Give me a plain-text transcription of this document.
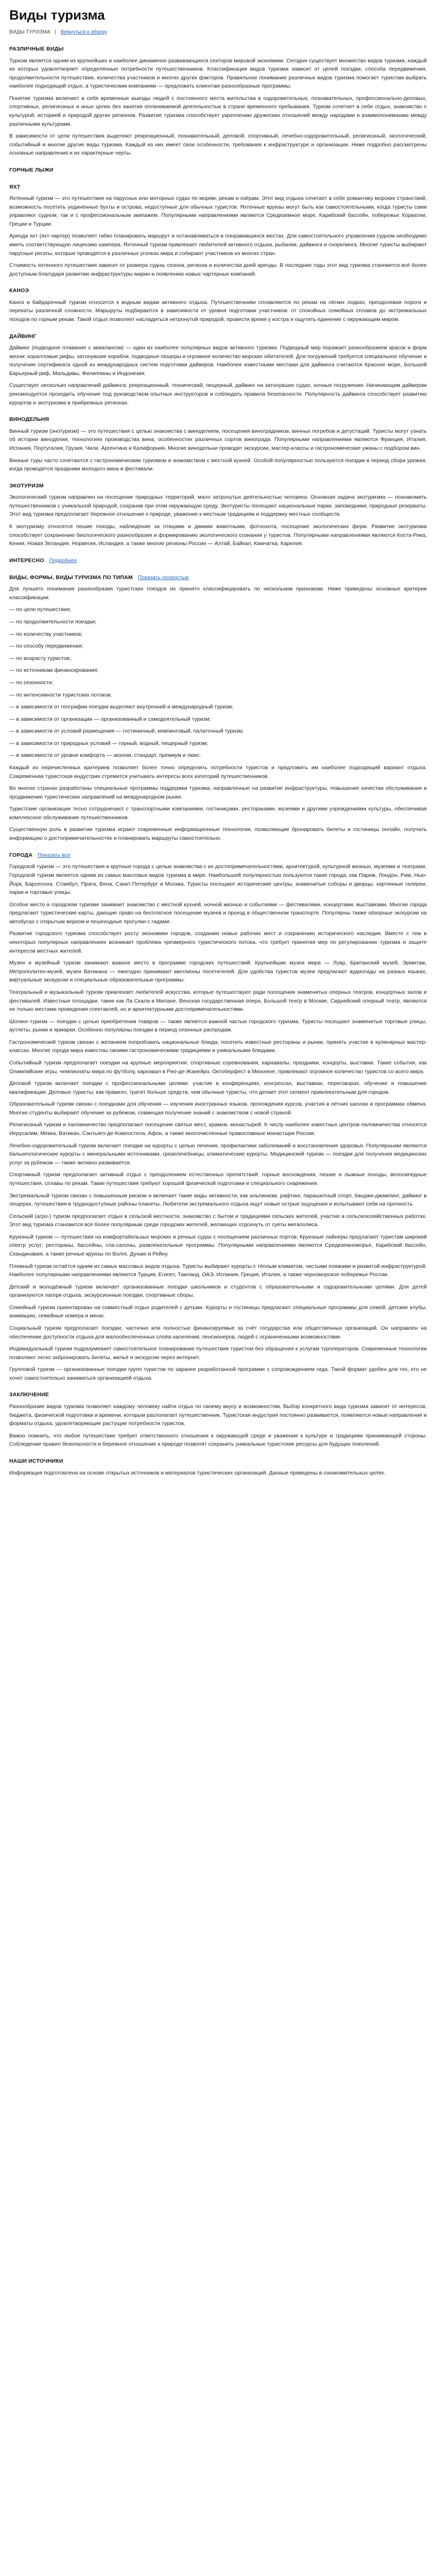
Виды туризма
ВИДЫ ТУРИЗМА | Вернуться к обзору
РАЗЛИЧНЫЕ ВИДЫ

Туризм является одним из крупнейших и наиболее динамично развивающихся секторов мировой экономики. Сегодня существует множество видов туризма, каждый из которых удовлетворяет определённые потребности путешественников. Классификация видов туризма зависит от целей поездки, способа передвижения, продолжительности путешествия, количества участников и многих других факторов. Правильное понимание различных видов туризма помогает туристам выбрать наиболее подходящий отдых, а туристическим компаниям — предложить клиентам разнообразные программы.

Понятие туризма включает в себя временные выезды людей с постоянного места жительства в оздоровительных, познавательных, профессионально-деловых, спортивных, религиозных и иных целях без занятия оплачиваемой деятельностью в стране временного пребывания. Туризм сочетает в себе отдых, знакомство с культурой, историей и природой других регионов. Развитие туризма способствует укреплению дружеских отношений между народами и взаимопониманию между различными культурами.

В зависимости от цели путешествия выделяют рекреационный, познавательный, деловой, спортивный, лечебно-оздоровительный, религиозный, экологический, событийный и многие другие виды туризма. Каждый из них имеет свои особенности, требования к инфраструктуре и организации. Ниже подробно рассмотрены основные направления и их характерные черты.

ГОРНЫЕ ЛЫЖИ
ЯХТ

Яхтенный туризм — это путешествия на парусных или моторных судах по морям, рекам и озёрам. Этот вид отдыха сочетает в себе романтику морских странствий, возможность посетить уединённые бухты и острова, недоступные для обычных туристов. Яхтенные круизы могут быть как самостоятельными, когда туристы сами управляют судном, так и с профессиональным экипажем. Популярными направлениями являются Средиземное море, Карибский бассейн, побережье Хорватии, Греции и Турции.

Аренда яхт (яхт-чартер) позволяет гибко планировать маршрут и останавливаться в понравившихся местах. Для самостоятельного управления судном необходимо иметь соответствующую лицензию шкипера. Яхтенный туризм привлекает любителей активного отдыха, рыбалки, дайвинга и снорклинга. Многие туристы выбирают парусные регаты, которые проводятся в различных уголках мира и собирают участников из многих стран.

Стоимость яхтенного путешествия зависит от размера судна, сезона, региона и количества дней аренды. В последние годы этот вид туризма становится всё более доступным благодаря развитию инфраструктуры марин и появлению новых чартерных компаний.

КАНОЭ

Каноэ и байдарочный туризм относится к водным видам активного отдыха. Путешественники сплавляются по рекам на лёгких лодках, преодолевая пороги и перекаты различной сложности. Маршруты подбираются в зависимости от уровня подготовки участников: от спокойных семейных сплавов до экстремальных походов по горным рекам. Такой отдых позволяет насладиться нетронутой природой, провести время у костра и ощутить единение с окружающим миром.

ДАЙВИНГ

Дайвинг (подводное плавание с аквалангом) — один из наиболее популярных видов активного туризма. Подводный мир поражает разнообразием красок и форм жизни: коралловые рифы, затонувшие корабли, подводные пещеры и огромное количество морских обитателей. Для погружений требуется специальное обучение и получение сертификата одной из международных систем подготовки дайверов. Наиболее известными местами для дайвинга считаются Красное море, Большой Барьерный риф, Мальдивы, Филиппины и Индонезия.

Существует несколько направлений дайвинга: рекреационный, технический, пещерный, дайвинг на затонувших судах, ночные погружения. Начинающим дайверам рекомендуется проходить обучение под руководством опытных инструкторов и соблюдать правила безопасности. Популярность дайвинга способствует развитию курортов и экотуризма в прибрежных регионах.

ВИНОДЕЛЬНЯ

Винный туризм (энотуризм) — это путешествия с целью знакомства с виноделием, посещения виноградников, винных погребов и дегустаций. Туристы могут узнать об истории виноделия, технологиях производства вина, особенностях различных сортов винограда. Популярными направлениями являются Франция, Италия, Испания, Португалия, Грузия, Чили, Аргентина и Калифорния. Многие винодельни проводят экскурсии, мастер-классы и гастрономические ужины с подбором вин.

Винные туры часто сочетаются с гастрономическим туризмом и знакомством с местной кухней. Особой популярностью пользуются поездки в период сбора урожая, когда проводятся праздники молодого вина и фестивали.

ЭКОТУРИЗМ

Экологический туризм направлен на посещение природных территорий, мало затронутых деятельностью человека. Основная задача экотуризма — познакомить путешественников с уникальной природой, сохранив при этом окружающую среду. Экотуристы посещают национальные парки, заповедники, природные резерваты. Этот вид туризма предполагает бережное отношение к природе, уважение к местным традициям и поддержку местных сообществ.

К экотуризму относятся пешие походы, наблюдение за птицами и дикими животными, фотоохота, посещение экологических ферм. Развитие экотуризма способствует сохранению биологического разнообразия и формированию экологического сознания у туристов. Популярными направлениями являются Коста-Рика, Кения, Новая Зеландия, Норвегия, Исландия, а также многие регионы России — Алтай, Байкал, Камчатка, Карелия.

ИНТЕРЕСНО Подробнее
ВИДЫ, ФОРМЫ, ВИДЫ ТУРИЗМА ПО ТИПАМ Показать полностью

Для лучшего понимания разнообразия туристских поездок их принято классифицировать по нескольким признакам. Ниже приведены основные критерии классификации.

— по цели путешествия;

— по продолжительности поездки;

— по количеству участников;

— по способу передвижения;

— по возрасту туристов;

— по источникам финансирования;

— по сезонности;

— по интенсивности туристских потоков.

— в зависимости от географии поездки выделяют внутренний и международный туризм;

— в зависимости от организации — организованный и самодеятельный туризм;

— в зависимости от условий размещения — гостиничный, кемпинговый, палаточный туризм;

— в зависимости от природных условий — горный, водный, пещерный туризм;

— в зависимости от уровня комфорта — эконом, стандарт, премиум и люкс.

Каждый из перечисленных критериев позволяет более точно определить потребности туристов и предложить им наиболее подходящий вариант отдыха. Современная туристская индустрия стремится учитывать интересы всех категорий путешественников.

Во многих странах разработаны специальные программы поддержки туризма, направленные на развитие инфраструктуры, повышение качества обслуживания и продвижение туристических направлений на международном рынке.

Туристские организации тесно сотрудничают с транспортными компаниями, гостиницами, ресторанами, музеями и другими учреждениями культуры, обеспечивая комплексное обслуживание путешественников.

Существенную роль в развитии туризма играют современные информационные технологии, позволяющие бронировать билеты и гостиницы онлайн, получать информацию о достопримечательностях и планировать маршруты самостоятельно.

ГОРОДА Показать все

Городской туризм — это путешествия в крупные города с целью знакомства с их достопримечательностями, архитектурой, культурной жизнью, музеями и театрами. Городской туризм является одним из самых массовых видов туризма в мире. Наибольшей популярностью пользуются такие города, как Париж, Лондон, Рим, Нью-Йорк, Барселона, Стамбул, Прага, Вена, Санкт-Петербург и Москва. Туристы посещают исторические центры, знаменитые соборы и дворцы, картинные галереи, парки и торговые улицы.

Особое место в городском туризме занимает знакомство с местной кухней, ночной жизнью и событиями — фестивалями, концертами, выставками. Многие города предлагают туристические карты, дающие право на бесплатное посещение музеев и проезд в общественном транспорте. Популярны также обзорные экскурсии на автобусах с открытым верхом и пешеходные прогулки с гидами.

Развитие городского туризма способствует росту экономики городов, созданию новых рабочих мест и сохранению исторического наследия. Вместе с тем в некоторых популярных направлениях возникает проблема чрезмерного туристического потока, что требует принятия мер по регулированию туризма и защите интересов местных жителей.

Музеи и музейный туризм занимают важное место в программе городских путешествий. Крупнейшие музеи мира — Лувр, Британский музей, Эрмитаж, Метрополитен-музей, музеи Ватикана — ежегодно принимают миллионы посетителей. Для удобства туристов музеи предлагают аудиогиды на разных языках, виртуальные экскурсии и специальные образовательные программы.

Театральный и музыкальный туризм привлекает любителей искусства, которые путешествуют ради посещения знаменитых оперных театров, концертных залов и фестивалей. Известные площадки, такие как Ла Скала в Милане, Венская государственная опера, Большой театр в Москве, Сиднейский оперный театр, являются не только местами проведения спектаклей, но и архитектурными достопримечательностями.

Шопинг-туризм — поездки с целью приобретения товаров — также является важной частью городского туризма. Туристы посещают знаменитые торговые улицы, аутлеты, рынки и ярмарки. Особенно популярны поездки в период сезонных распродаж.

Гастрономический туризм связан с желанием попробовать национальные блюда, посетить известные рестораны и рынки, принять участие в кулинарных мастер-классах. Многие города мира известны своими гастрономическими традициями и уникальными блюдами.

Событийный туризм предполагает поездки на крупные мероприятия: спортивные соревнования, карнавалы, праздники, концерты, выставки. Такие события, как Олимпийские игры, чемпионаты мира по футболу, карнавал в Рио-де-Жанейро, Октоберфест в Мюнхене, привлекают огромное количество туристов со всего мира.

Деловой туризм включает поездки с профессиональными целями: участие в конференциях, конгрессах, выставках, переговорах, обучение и повышение квалификации. Деловые туристы, как правило, тратят больше средств, чем обычные туристы, что делает этот сегмент привлекательным для городов.

Образовательный туризм связан с поездками для обучения — изучения иностранных языков, прохождения курсов, участия в летних школах и программах обмена. Многие студенты выбирают обучение за рубежом, совмещая получение знаний с знакомством с новой страной.

Религиозный туризм и паломничество предполагают посещение святых мест, храмов, монастырей. К числу наиболее известных центров паломничества относятся Иерусалим, Мекка, Ватикан, Сантьяго-де-Компостела, Афон, а также многочисленные православные монастыри России.

Лечебно-оздоровительный туризм включает поездки на курорты с целью лечения, профилактики заболеваний и восстановления здоровья. Популярными являются бальнеологические курорты с минеральными источниками, грязелечебницы, климатические курорты. Медицинский туризм — поездки для получения медицинских услуг за рубежом — также активно развивается.

Спортивный туризм предполагает активный отдых с преодолением естественных препятствий: горные восхождения, пешие и лыжные походы, велосипедные путешествия, сплавы по рекам. Такие путешествия требуют хорошей физической подготовки и специального снаряжения.

Экстремальный туризм связан с повышенным риском и включает такие виды активности, как альпинизм, рафтинг, парашютный спорт, банджи-джампинг, дайвинг в пещерах, путешествия в труднодоступные районы планеты. Любители экстремального отдыха ищут новые острые ощущения и испытывают себя на прочность.

Сельский (агро-) туризм предполагает отдых в сельской местности, знакомство с бытом и традициями сельских жителей, участие в сельскохозяйственных работах. Этот вид туризма становится всё более популярным среди городских жителей, желающих отдохнуть от суеты мегаполиса.

Круизный туризм — путешествия на комфортабельных морских и речных судах с посещением различных портов. Круизные лайнеры предлагают туристам широкий спектр услуг: рестораны, бассейны, спа-салоны, развлекательные программы. Популярными направлениями являются Средиземноморье, Карибский бассейн, Скандинавия, а также речные круизы по Волге, Дунаю и Рейну.

Пляжный туризм остаётся одним из самых массовых видов отдыха. Туристы выбирают курорты с тёплым климатом, чистыми пляжами и развитой инфраструктурой. Наиболее популярными направлениями являются Турция, Египет, Таиланд, ОАЭ, Испания, Греция, Италия, а также черноморское побережье России.

Детский и молодёжный туризм включает организованные поездки школьников и студентов с образовательными и оздоровительными целями. Для детей организуются лагеря отдыха, экскурсионные поездки, спортивные сборы.

Семейный туризм ориентирован на совместный отдых родителей с детьми. Курорты и гостиницы предлагают специальные программы для семей: детские клубы, анимацию, семейные номера и меню.

Социальный туризм предполагает поездки, частично или полностью финансируемые за счёт государства или общественных организаций. Он направлен на обеспечение доступности отдыха для малообеспеченных слоёв населения, пенсионеров, людей с ограниченными возможностями.

Индивидуальный туризм подразумевает самостоятельное планирование путешествия туристом без обращения к услугам туроператоров. Современные технологии позволяют легко забронировать билеты, жильё и экскурсии через интернет.

Групповой туризм — организованные поездки групп туристов по заранее разработанной программе с сопровождением гида. Такой формат удобен для тех, кто не хочет самостоятельно заниматься организацией отдыха.

ЗАКЛЮЧЕНИЕ

Разнообразие видов туризма позволяет каждому человеку найти отдых по своему вкусу и возможностям. Выбор конкретного вида туризма зависит от интересов, бюджета, физической подготовки и времени, которым располагает путешественник. Туристская индустрия постоянно развивается, появляются новые направления и форматы отдыха, удовлетворяющие растущие потребности туристов.

Важно помнить, что любое путешествие требует ответственного отношения к окружающей среде и уважения к культуре и традициям принимающей стороны. Соблюдение правил безопасности и бережное отношение к природе позволят сохранить уникальные туристские ресурсы для будущих поколений.

НАШИ ИСТОЧНИКИ

Информация подготовлена на основе открытых источников и материалов туристических организаций. Данные приведены в ознакомительных целях.
